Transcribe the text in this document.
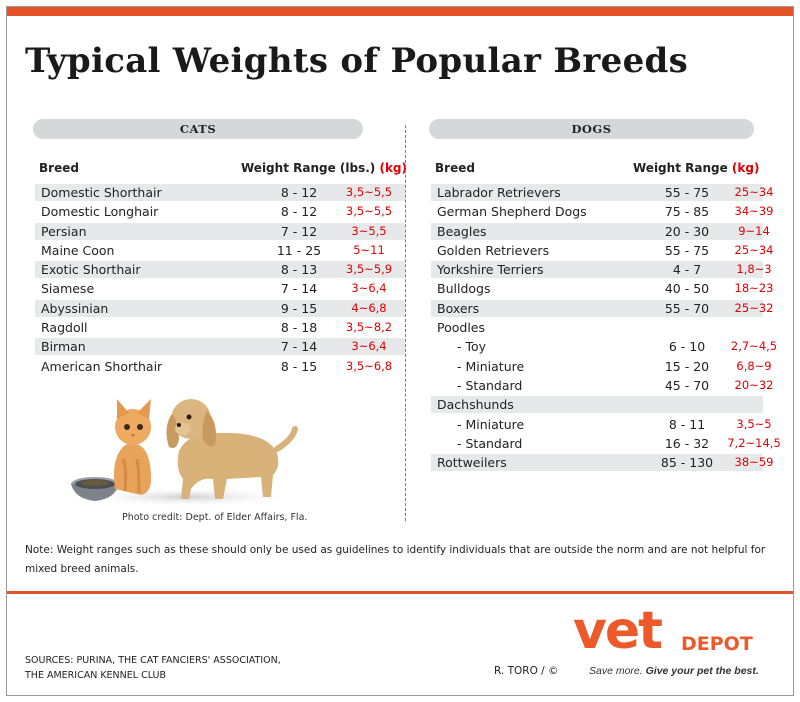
Typical Weights of Popular Breeds
CATS
Breed	Weight Range (lbs.) (kg)
Domestic Shorthair	8 - 12	3,5~5,5
Domestic Longhair	8 - 12	3,5~5,5
Persian	7 - 12	3~5,5
Maine Coon	11 - 25	5~11
Exotic Shorthair	8 - 13	3,5~5,9
Siamese	7 - 14	3~6,4
Abyssinian	9 - 15	4~6,8
Ragdoll	8 - 18	3,5~8,2
Birman	7 - 14	3~6,4
American Shorthair	8 - 15	3,5~6,8
DOGS
Breed	Weight Range (kg)
Labrador Retrievers	55 - 75	25~34
German Shepherd Dogs	75 - 85	34~39
Beagles	20 - 30	9~14
Golden Retrievers	55 - 75	25~34
Yorkshire Terriers	4 - 7	1,8~3
Bulldogs	40 - 50	18~23
Boxers	55 - 70	25~32
Poodles
- Toy	6 - 10	2,7~4,5
- Miniature	15 - 20	6,8~9
- Standard	45 - 70	20~32
Dachshunds
- Miniature	8 - 11	3,5~5
- Standard	16 - 32	7,2~14,5
Rottweilers	85 - 130	38~59
Photo credit: Dept. of Elder Affairs, Fla.
Note: Weight ranges such as these should only be used as guidelines to identify individuals that are outside the norm and are not helpful for mixed breed animals.
SOURCES: PURINA, THE CAT FANCIERS' ASSOCIATION,
THE AMERICAN KENNEL CLUB	R. TORO / ©
vet DEPOT
Save more. Give your pet the best.
